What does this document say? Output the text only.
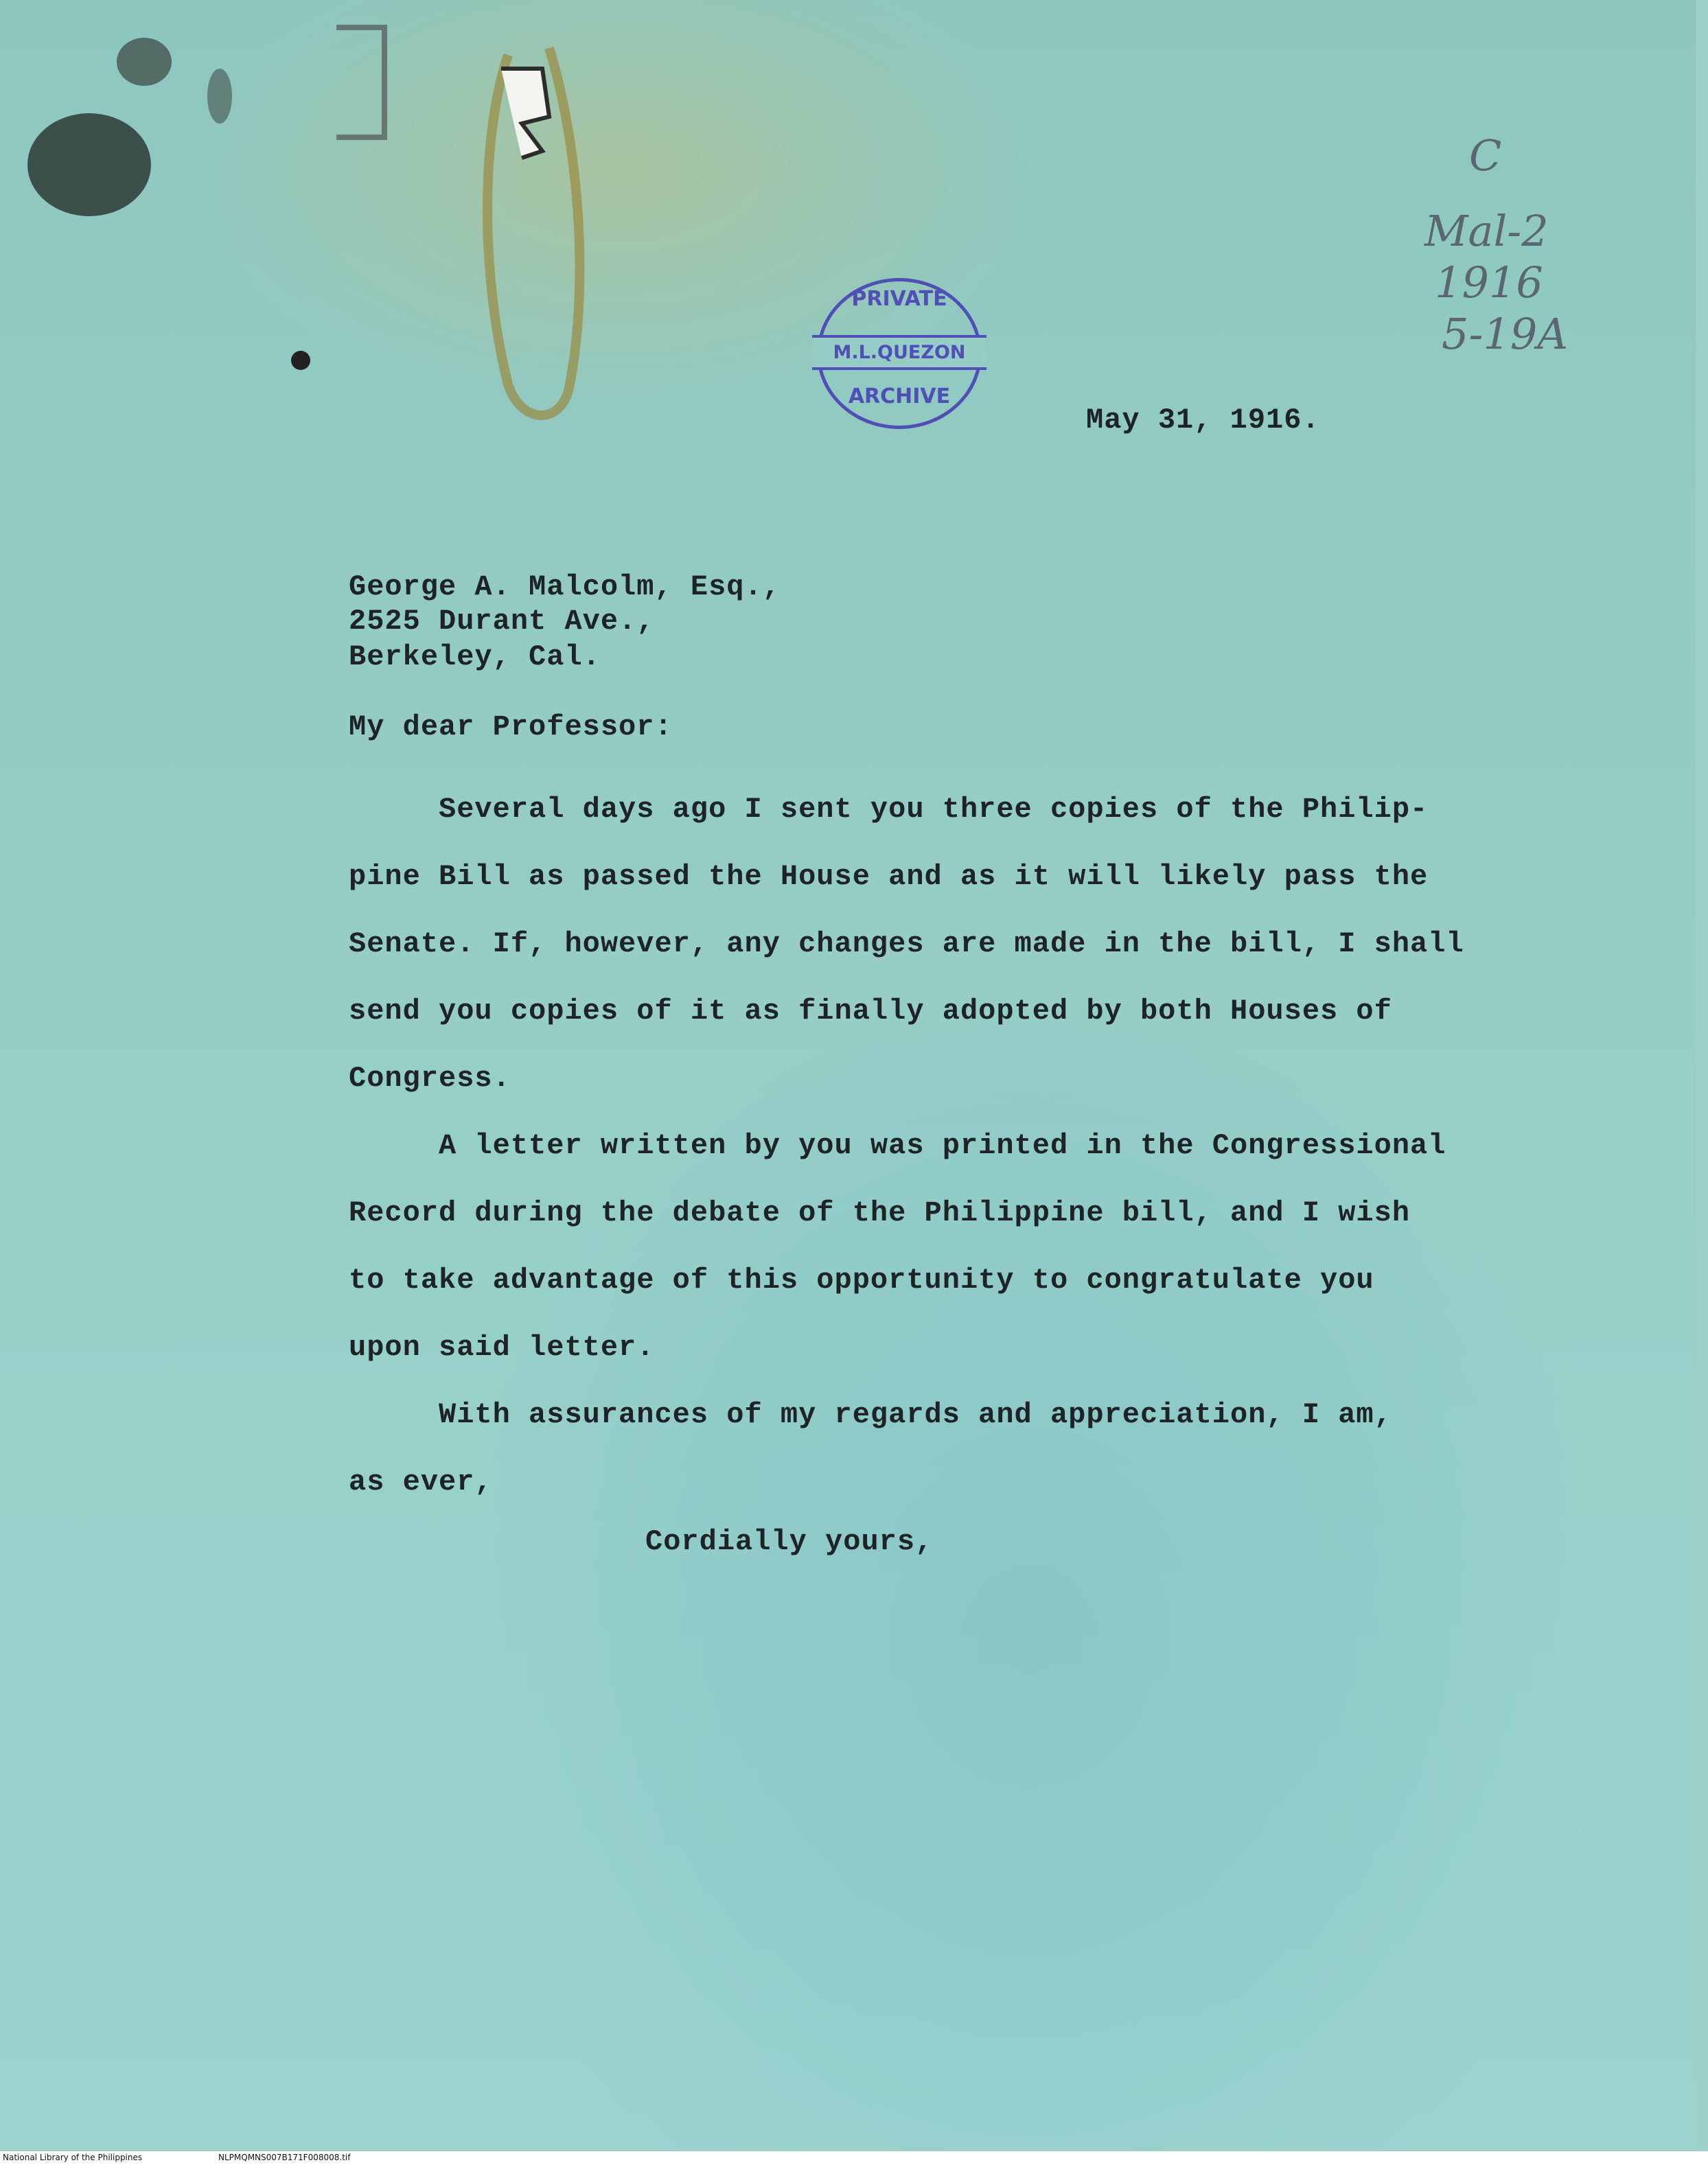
PRIVATE
M.L.QUEZON
ARCHIVE
C
Mal-2
1916
5-19A
May 31, 1916.
George A. Malcolm, Esq.,
2525 Durant Ave.,
Berkeley, Cal.
My dear Professor:
Several days ago I sent you three copies of the Philip-
pine Bill as passed the House and as it will likely pass the
Senate. If, however, any changes are made in the bill, I shall
send you copies of it as finally adopted by both Houses of
Congress.
A letter written by you was printed in the Congressional
Record during the debate of the Philippine bill, and I wish
to take advantage of this opportunity to congratulate you
upon said letter.
With assurances of my regards and appreciation, I am,
as ever,
Cordially yours,
National Library of the Philippines	NLPMQMNS007B171F008008.tif
